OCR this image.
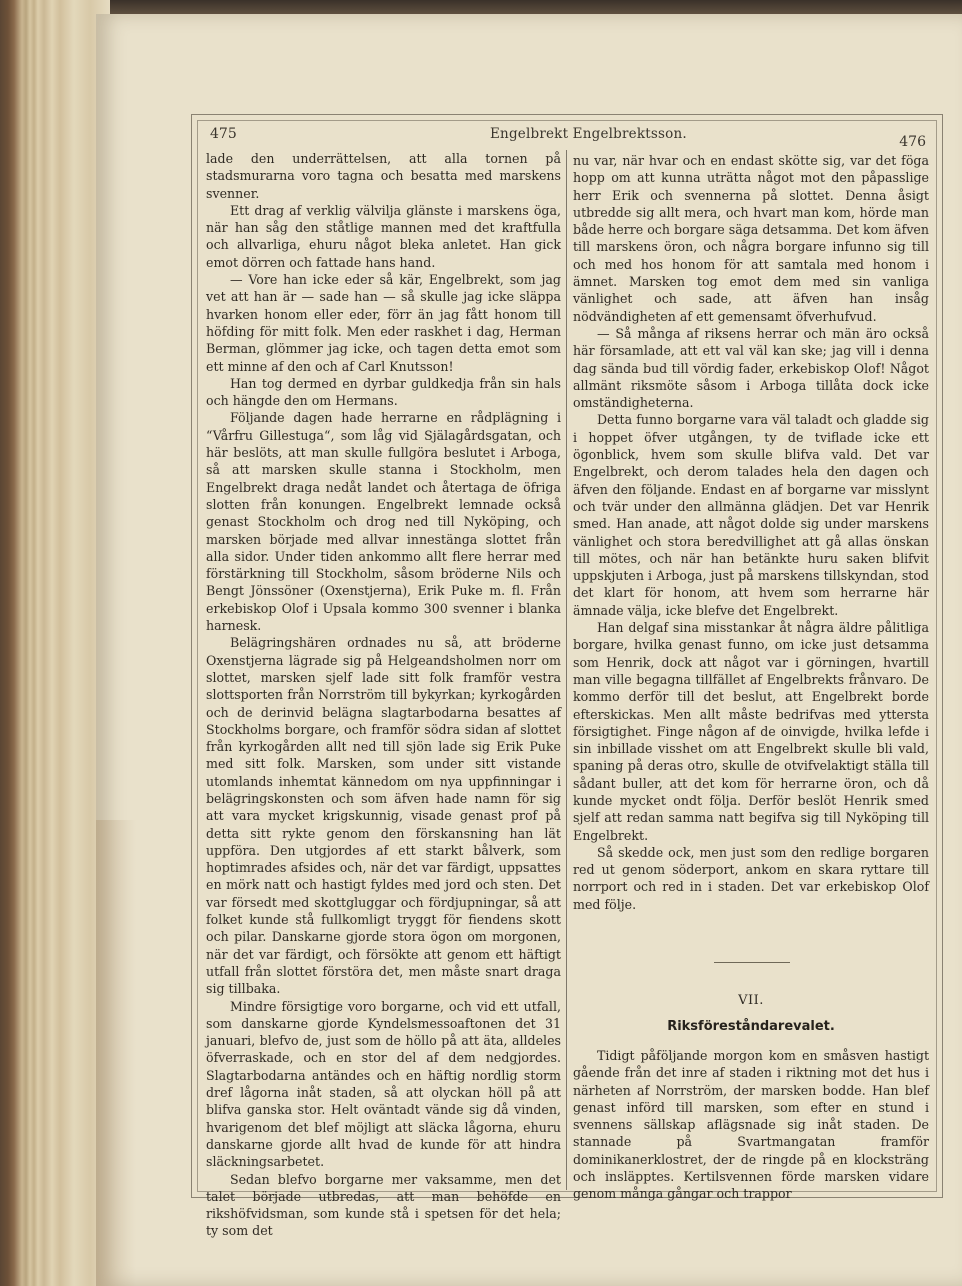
475	Engelbrekt Engelbrektsson.	476

lade den underrättelsen, att alla tornen på stadsmurarna voro tagna och besatta med marskens svenner.

Ett drag af verklig välvilja glänste i marskens öga, när han såg den ståtlige mannen med det kraftfulla och allvarliga, ehuru något bleka anletet. Han gick emot dörren och fattade hans hand.

— Vore han icke eder så kär, Engelbrekt, som jag vet att han är — sade han — så skulle jag icke släppa hvarken honom eller eder, förr än jag fått honom till höfding för mitt folk. Men eder raskhet i dag, Herman Berman, glömmer jag icke, och tagen detta emot som ett minne af den och af Carl Knutsson!

Han tog dermed en dyrbar guldkedja från sin hals och hängde den om Hermans.

Följande dagen hade herrarne en rådplägning i “Vårfru Gillestuga“, som låg vid Själagårdsgatan, och här beslöts, att man skulle fullgöra beslutet i Arboga, så att marsken skulle stanna i Stockholm, men Engelbrekt draga nedåt landet och återtaga de öfriga slotten från konungen. Engelbrekt lemnade också genast Stockholm och drog ned till Nyköping, och marsken började med allvar innestänga slottet från alla sidor. Under tiden ankommo allt flere herrar med förstärkning till Stockholm, såsom bröderne Nils och Bengt Jönssöner (Oxenstjerna), Erik Puke m. fl. Från erkebiskop Olof i Upsala kommo 300 svenner i blanka harnesk.

Belägringshären ordnades nu så, att bröderne Oxenstjerna lägrade sig på Helgeandsholmen norr om slottet, marsken sjelf lade sitt folk framför vestra slottsporten från Norrström till bykyrkan; kyrkogården och de derinvid belägna slagtarbodarna besattes af Stockholms borgare, och framför södra sidan af slottet från kyrkogården allt ned till sjön lade sig Erik Puke med sitt folk. Marsken, som under sitt vistande utomlands inhemtat kännedom om nya uppfinningar i belägringskonsten och som äfven hade namn för sig att vara mycket krigskunnig, visade genast prof på detta sitt rykte genom den förskansning han lät uppföra. Den utgjordes af ett starkt bålverk, som hoptimrades afsides och, när det var färdigt, uppsattes en mörk natt och hastigt fyldes med jord och sten. Det var försedt med skottgluggar och fördjupningar, så att folket kunde stå fullkomligt tryggt för fiendens skott och pilar. Danskarne gjorde stora ögon om morgonen, när det var färdigt, och försökte att genom ett häftigt utfall från slottet förstöra det, men måste snart draga sig tillbaka.

Mindre försigtige voro borgarne, och vid ett utfall, som danskarne gjorde Kyndelsmessoaftonen det 31 januari, blefvo de, just som de höllo på att äta, alldeles öfverraskade, och en stor del af dem nedgjordes. Slagtarbodarna antändes och en häftig nordlig storm dref lågorna inåt staden, så att olyckan höll på att blifva ganska stor. Helt oväntadt vände sig då vinden, hvarigenom det blef möjligt att släcka lågorna, ehuru danskarne gjorde allt hvad de kunde för att hindra släckningsarbetet.

Sedan blefvo borgarne mer vaksamme, men det talet började utbredas, att man behöfde en rikshöfvidsman, som kunde stå i spetsen för det hela; ty som det

nu var, när hvar och en endast skötte sig, var det föga hopp om att kunna uträtta något mot den påpasslige herr Erik och svennerna på slottet. Denna åsigt utbredde sig allt mera, och hvart man kom, hörde man både herre och borgare säga detsamma. Det kom äfven till marskens öron, och några borgare infunno sig till och med hos honom för att samtala med honom i ämnet. Marsken tog emot dem med sin vanliga vänlighet och sade, att äfven han insåg nödvändigheten af ett gemensamt öfverhufvud.

— Så många af riksens herrar och män äro också här församlade, att ett val väl kan ske; jag vill i denna dag sända bud till vördig fader, erkebiskop Olof! Något allmänt riksmöte såsom i Arboga tillåta dock icke omständigheterna.

Detta funno borgarne vara väl taladt och gladde sig i hoppet öfver utgången, ty de tviflade icke ett ögonblick, hvem som skulle blifva vald. Det var Engelbrekt, och derom talades hela den dagen och äfven den följande. Endast en af borgarne var misslynt och tvär under den allmänna glädjen. Det var Henrik smed. Han anade, att något dolde sig under marskens vänlighet och stora beredvillighet att gå allas önskan till mötes, och när han betänkte huru saken blifvit uppskjuten i Arboga, just på marskens tillskyndan, stod det klart för honom, att hvem som herrarne här ämnade välja, icke blefve det Engelbrekt.

Han delgaf sina misstankar åt några äldre pålitliga borgare, hvilka genast funno, om icke just detsamma som Henrik, dock att något var i görningen, hvartill man ville begagna tillfället af Engelbrekts frånvaro. De kommo derför till det beslut, att Engelbrekt borde efterskickas. Men allt måste bedrifvas med yttersta försigtighet. Finge någon af de oinvigde, hvilka lefde i sin inbillade visshet om att Engelbrekt skulle bli vald, spaning på deras otro, skulle de otvifvelaktigt ställa till sådant buller, att det kom för herrarne öron, och då kunde mycket ondt följa. Derför beslöt Henrik smed sjelf att redan samma natt begifva sig till Nyköping till Engelbrekt.

Så skedde ock, men just som den redlige borgaren red ut genom söderport, ankom en skara ryttare till norrport och red in i staden. Det var erkebiskop Olof med följe.

VII.
Riksföreståndarevalet.

Tidigt påföljande morgon kom en småsven hastigt gående från det inre af staden i riktning mot det hus i närheten af Norrström, der marsken bodde. Han blef genast införd till marsken, som efter en stund i svennens sällskap aflägsnade sig inåt staden. De stannade på Svartmangatan framför dominikanerklostret, der de ringde på en klocksträng och insläpptes. Kertilsvennen förde marsken vidare genom många gångar och trappor
